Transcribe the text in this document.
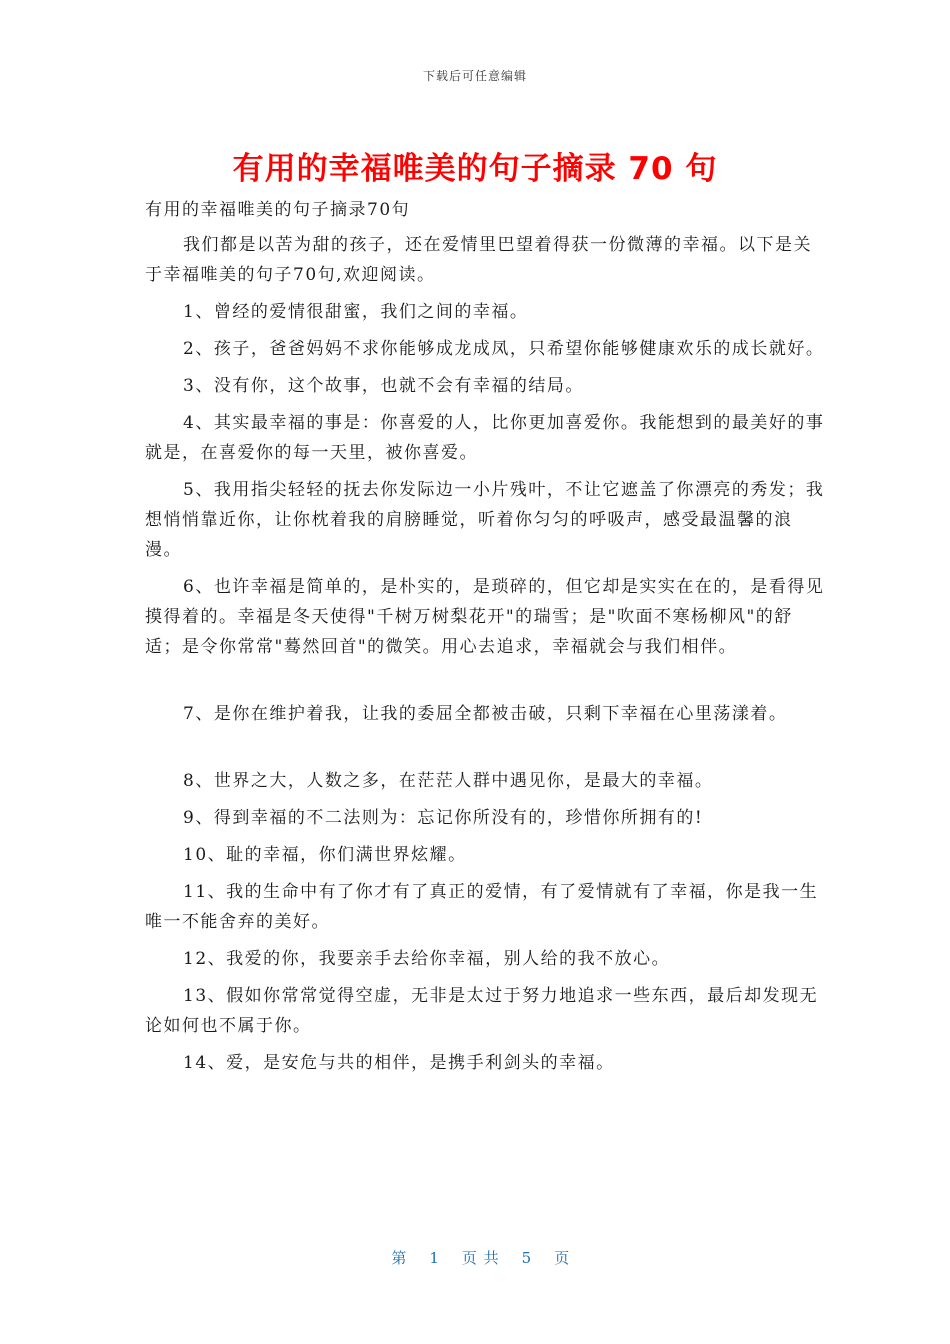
下载后可任意编辑
有用的幸福唯美的句子摘录 70 句

有用的幸福唯美的句子摘录70句

我们都是以苦为甜的孩子，还在爱情里巴望着得获一份微薄的幸福。以下是关于幸福唯美的句子70句,欢迎阅读。

1、曾经的爱情很甜蜜，我们之间的幸福。

2、孩子，爸爸妈妈不求你能够成龙成凤，只希望你能够健康欢乐的成长就好。

3、没有你，这个故事，也就不会有幸福的结局。

4、其实最幸福的事是：你喜爱的人，比你更加喜爱你。我能想到的最美好的事就是，在喜爱你的每一天里，被你喜爱。

5、我用指尖轻轻的抚去你发际边一小片残叶，不让它遮盖了你漂亮的秀发；我想悄悄靠近你，让你枕着我的肩膀睡觉，听着你匀匀的呼吸声，感受最温馨的浪漫。

6、也许幸福是简单的，是朴实的，是琐碎的，但它却是实实在在的，是看得见摸得着的。幸福是冬天使得"千树万树梨花开"的瑞雪；是"吹面不寒杨柳风"的舒适；是令你常常"蓦然回首"的微笑。用心去追求，幸福就会与我们相伴。

7、是你在维护着我，让我的委屈全都被击破，只剩下幸福在心里荡漾着。

8、世界之大，人数之多，在茫茫人群中遇见你，是最大的幸福。

9、得到幸福的不二法则为：忘记你所没有的，珍惜你所拥有的!

10、耻的幸福，你们满世界炫耀。

11、我的生命中有了你才有了真正的爱情，有了爱情就有了幸福，你是我一生唯一不能舍弃的美好。

12、我爱的你，我要亲手去给你幸福，别人给的我不放心。

13、假如你常常觉得空虚，无非是太过于努力地追求一些东西，最后却发现无论如何也不属于你。

14、爱，是安危与共的相伴，是携手利剑头的幸福。

第 1 页 共 5 页
